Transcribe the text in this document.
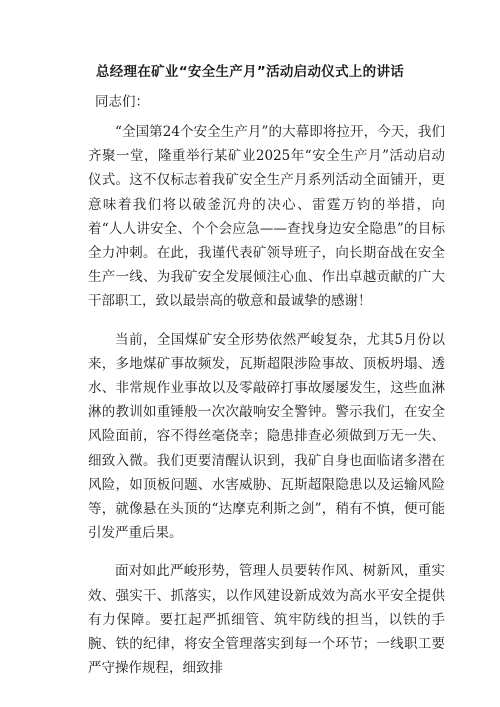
总经理在矿业“安全生产月”活动启动仪式上的讲话
同志们：

“全国第24个安全生产月”的大幕即将拉开，今天，我们齐聚一堂，隆重举行某矿业2025年“安全生产月”活动启动仪式。这不仅标志着我矿安全生产月系列活动全面铺开，更意味着我们将以破釜沉舟的决心、雷霆万钧的举措，向着“人人讲安全、个个会应急——查找身边安全隐患”的目标全力冲刺。在此，我谨代表矿领导班子，向长期奋战在安全生产一线、为我矿安全发展倾注心血、作出卓越贡献的广大干部职工，致以最崇高的敬意和最诚挚的感谢！

当前，全国煤矿安全形势依然严峻复杂，尤其5月份以来，多地煤矿事故频发，瓦斯超限涉险事故、顶板坍塌、透水、非常规作业事故以及零敲碎打事故屡屡发生，这些血淋淋的教训如重锤般一次次敲响安全警钟。警示我们，在安全风险面前，容不得丝毫侥幸；隐患排查必须做到万无一失、细致入微。我们更要清醒认识到，我矿自身也面临诸多潜在风险，如顶板问题、水害威胁、瓦斯超限隐患以及运输风险等，就像悬在头顶的“达摩克利斯之剑”，稍有不慎，便可能引发严重后果。

面对如此严峻形势，管理人员要转作风、树新风，重实效、强实干、抓落实，以作风建设新成效为高水平安全提供有力保障。要扛起严抓细管、筑牢防线的担当，以铁的手腕、铁的纪律，将安全管理落实到每一个环节；一线职工要严守操作规程，细致排
